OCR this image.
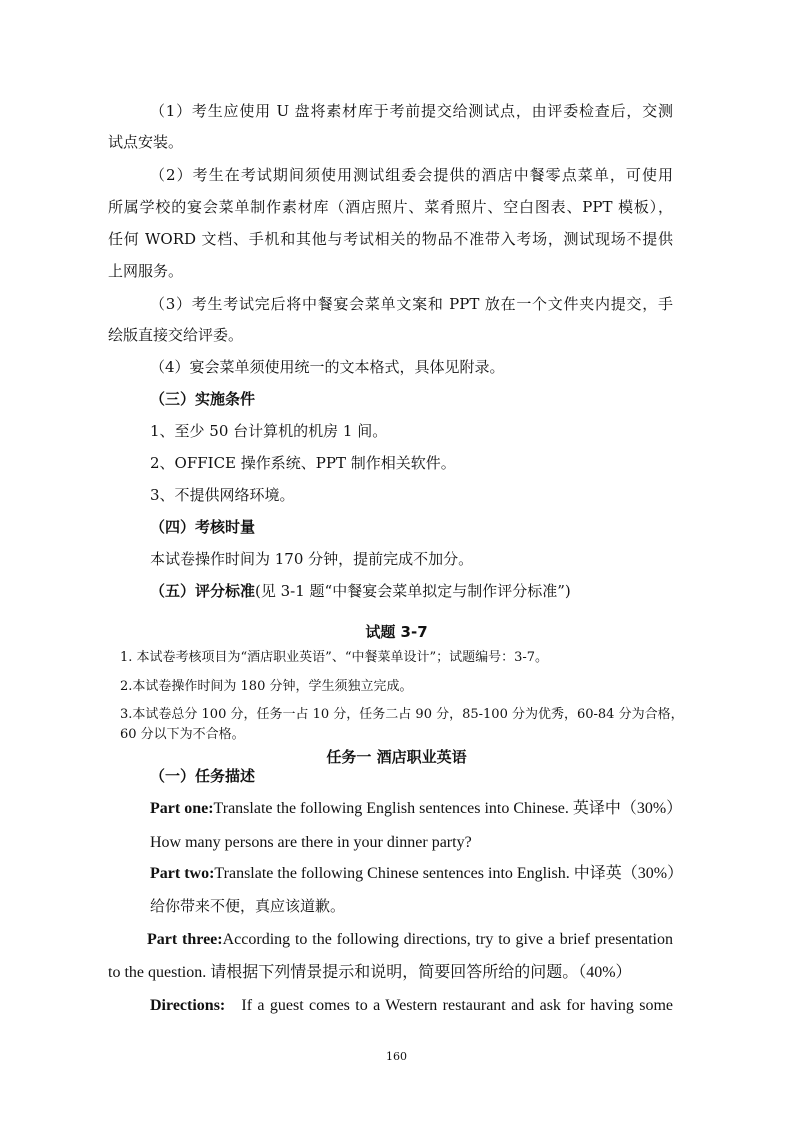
（1）考生应使用 U 盘将素材库于考前提交给测试点，由评委检查后，交测
试点安装。
（2）考生在考试期间须使用测试组委会提供的酒店中餐零点菜单，可使用
所属学校的宴会菜单制作素材库（酒店照片、菜肴照片、空白图表、PPT 模板），
任何 WORD 文档、手机和其他与考试相关的物品不准带入考场，测试现场不提供
上网服务。
（3）考生考试完后将中餐宴会菜单文案和 PPT 放在一个文件夹内提交，手
绘版直接交给评委。
（4）宴会菜单须使用统一的文本格式，具体见附录。
（三）实施条件
1、至少 50 台计算机的机房 1 间。
2、OFFICE 操作系统、PPT 制作相关软件。
3、不提供网络环境。
（四）考核时量
本试卷操作时间为 170 分钟，提前完成不加分。
（五）评分标准(见 3-1 题“中餐宴会菜单拟定与制作评分标准”)
试题 3-7
1. 本试卷考核项目为“酒店职业英语”、“中餐菜单设计”；试题编号：3-7。
2.本试卷操作时间为 180 分钟，学生须独立完成。
3.本试卷总分 100 分，任务一占 10 分，任务二占 90 分，85-100 分为优秀，60-84 分为合格，
60 分以下为不合格。
任务一 酒店职业英语
（一）任务描述
Part one:Translate the following English sentences into Chinese. 英译中（30%）
How many persons are there in your dinner party?
Part two:Translate the following Chinese sentences into English. 中译英（30%）
给你带来不便，真应该道歉。
Part three:According to the following directions, try to give a brief presentation
to the question. 请根据下列情景提示和说明，简要回答所给的问题。（40%）
Directions: If a guest comes to a Western restaurant and ask for having some
160
